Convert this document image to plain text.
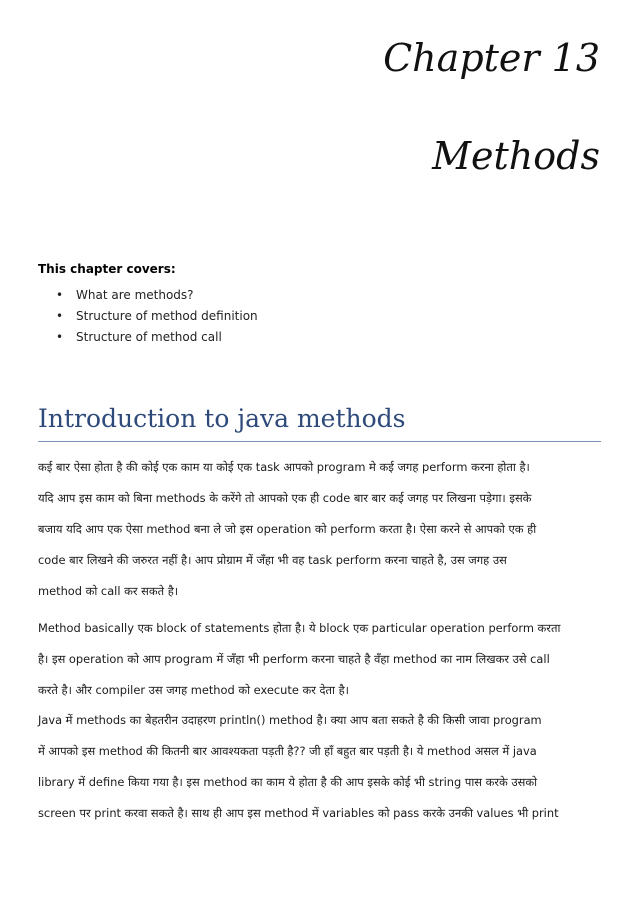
Chapter 13
Methods

This chapter covers:

• What are methods?
• Structure of method definition
• Structure of method call
Introduction to java methods

कई बार ऐसा होता है की कोई एक काम या कोई एक task आपको program मे कई जगह perform करना होता है।
यदि आप इस काम को बिना methods के करेंगे तो आपको एक ही code बार बार कई जगह पर लिखना पड़ेगा। इसके
बजाय यदि आप एक ऐसा method बना ले जो इस operation को perform करता है। ऐसा करने से आपको एक ही
code बार लिखने की जरुरत नहीं है। आप प्रोग्राम में जँहा भी वह task perform करना चाहते है, उस जगह उस
method को call कर सकते है।

Method basically एक block of statements होता है। ये block एक particular operation perform करता
है। इस operation को आप program में जँहा भी perform करना चाहते है वँहा method का नाम लिखकर उसे call
करते है। और compiler उस जगह method को execute कर देता है।

Java में methods का बेहतरीन उदाहरण println() method है। क्या आप बता सकते है की किसी जावा program
में आपको इस method की कितनी बार आवश्यकता पड़ती है?? जी हॉं बहुत बार पड़ती है। ये method असल में java
library में define किया गया है। इस method का काम ये होता है की आप इसके कोई भी string पास करके उसको
screen पर print करवा सकते है। साथ ही आप इस method में variables को pass करके उनकी values भी print
